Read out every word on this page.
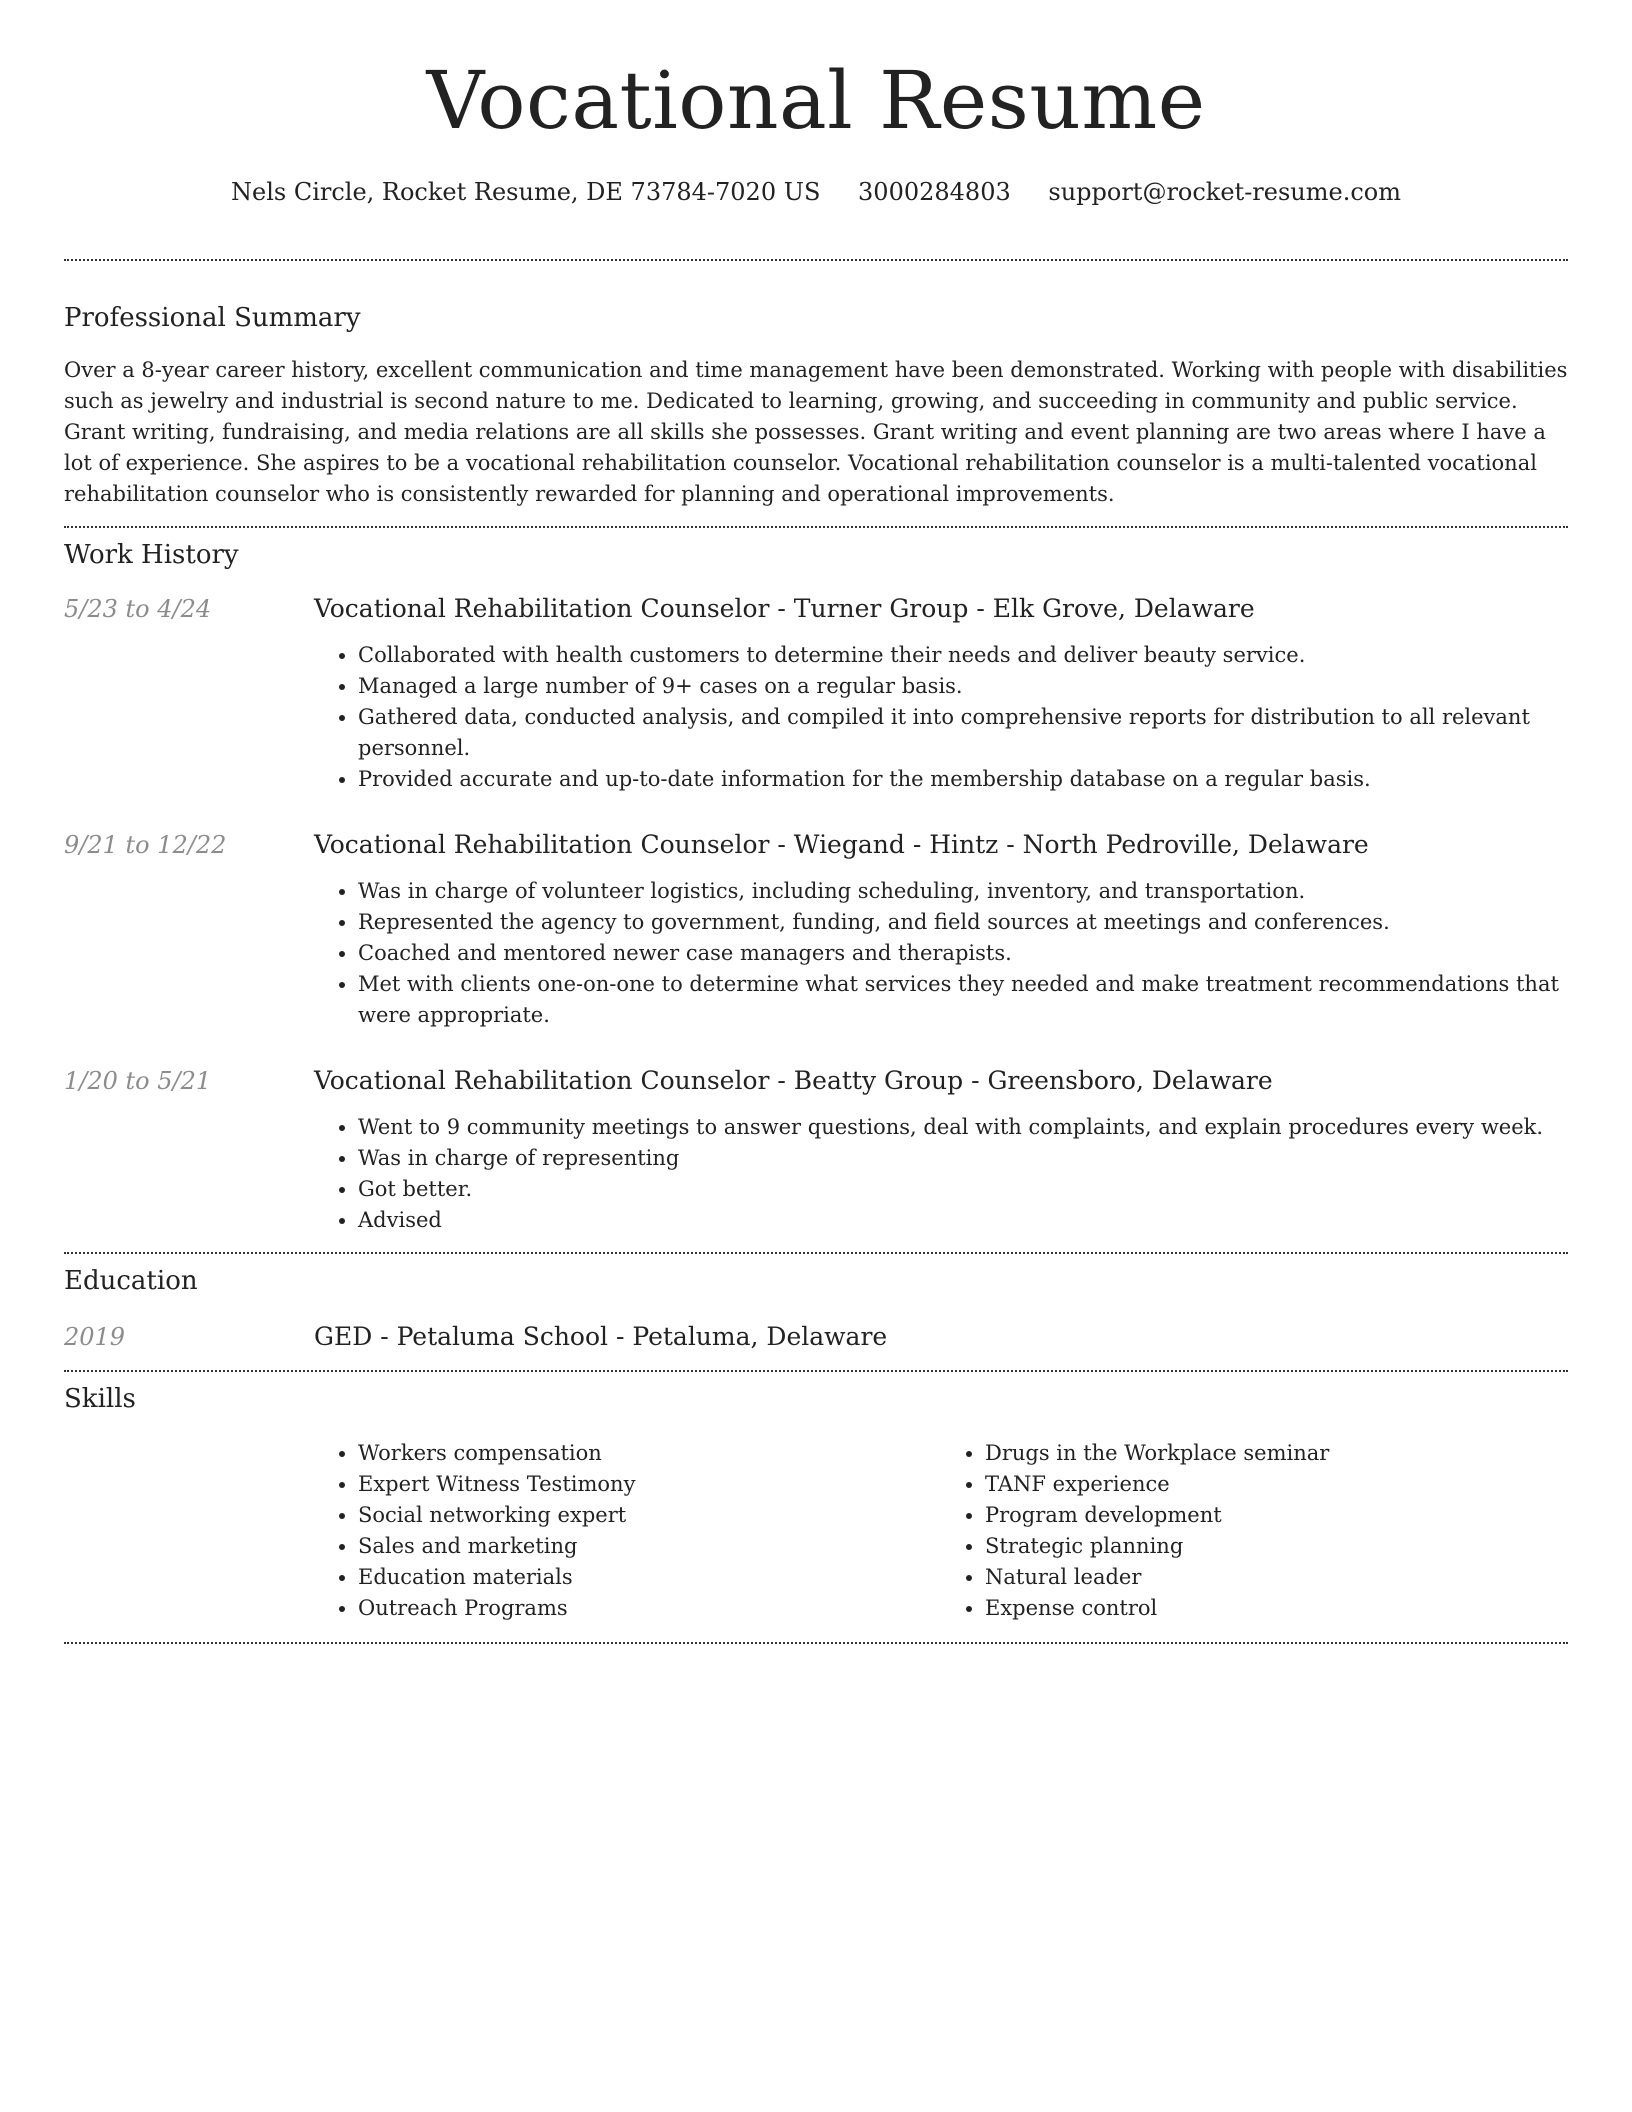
Vocational Resume
Nels Circle, Rocket Resume, DE 73784-7020 US 3000284803 support@rocket-resume.com
Professional Summary

Over a 8-year career history, excellent communication and time management have been demonstrated. Working with people with disabilities such as jewelry and industrial is second nature to me. Dedicated to learning, growing, and succeeding in community and public service. Grant writing, fundraising, and media relations are all skills she possesses. Grant writing and event planning are two areas where I have a lot of experience. She aspires to be a vocational rehabilitation counselor. Vocational rehabilitation counselor is a multi-talented vocational rehabilitation counselor who is consistently rewarded for planning and operational improvements.

Work History
5/23 to 4/24	Vocational Rehabilitation Counselor - Turner Group - Elk Grove, Delaware
• Collaborated with health customers to determine their needs and deliver beauty service.
• Managed a large number of 9+ cases on a regular basis.
• Gathered data, conducted analysis, and compiled it into comprehensive reports for distribution to all relevant personnel.
• Provided accurate and up-to-date information for the membership database on a regular basis.
9/21 to 12/22	Vocational Rehabilitation Counselor - Wiegand - Hintz - North Pedroville, Delaware
• Was in charge of volunteer logistics, including scheduling, inventory, and transportation.
• Represented the agency to government, funding, and field sources at meetings and conferences.
• Coached and mentored newer case managers and therapists.
• Met with clients one-on-one to determine what services they needed and make treatment recommendations that were appropriate.
1/20 to 5/21	Vocational Rehabilitation Counselor - Beatty Group - Greensboro, Delaware
• Went to 9 community meetings to answer questions, deal with complaints, and explain procedures every week.
• Was in charge of representing
• Got better.
• Advised
Education
2019	GED - Petaluma School - Petaluma, Delaware
Skills
• Workers compensation
• Expert Witness Testimony
• Social networking expert
• Sales and marketing
• Education materials
• Outreach Programs
• Drugs in the Workplace seminar
• TANF experience
• Program development
• Strategic planning
• Natural leader
• Expense control
